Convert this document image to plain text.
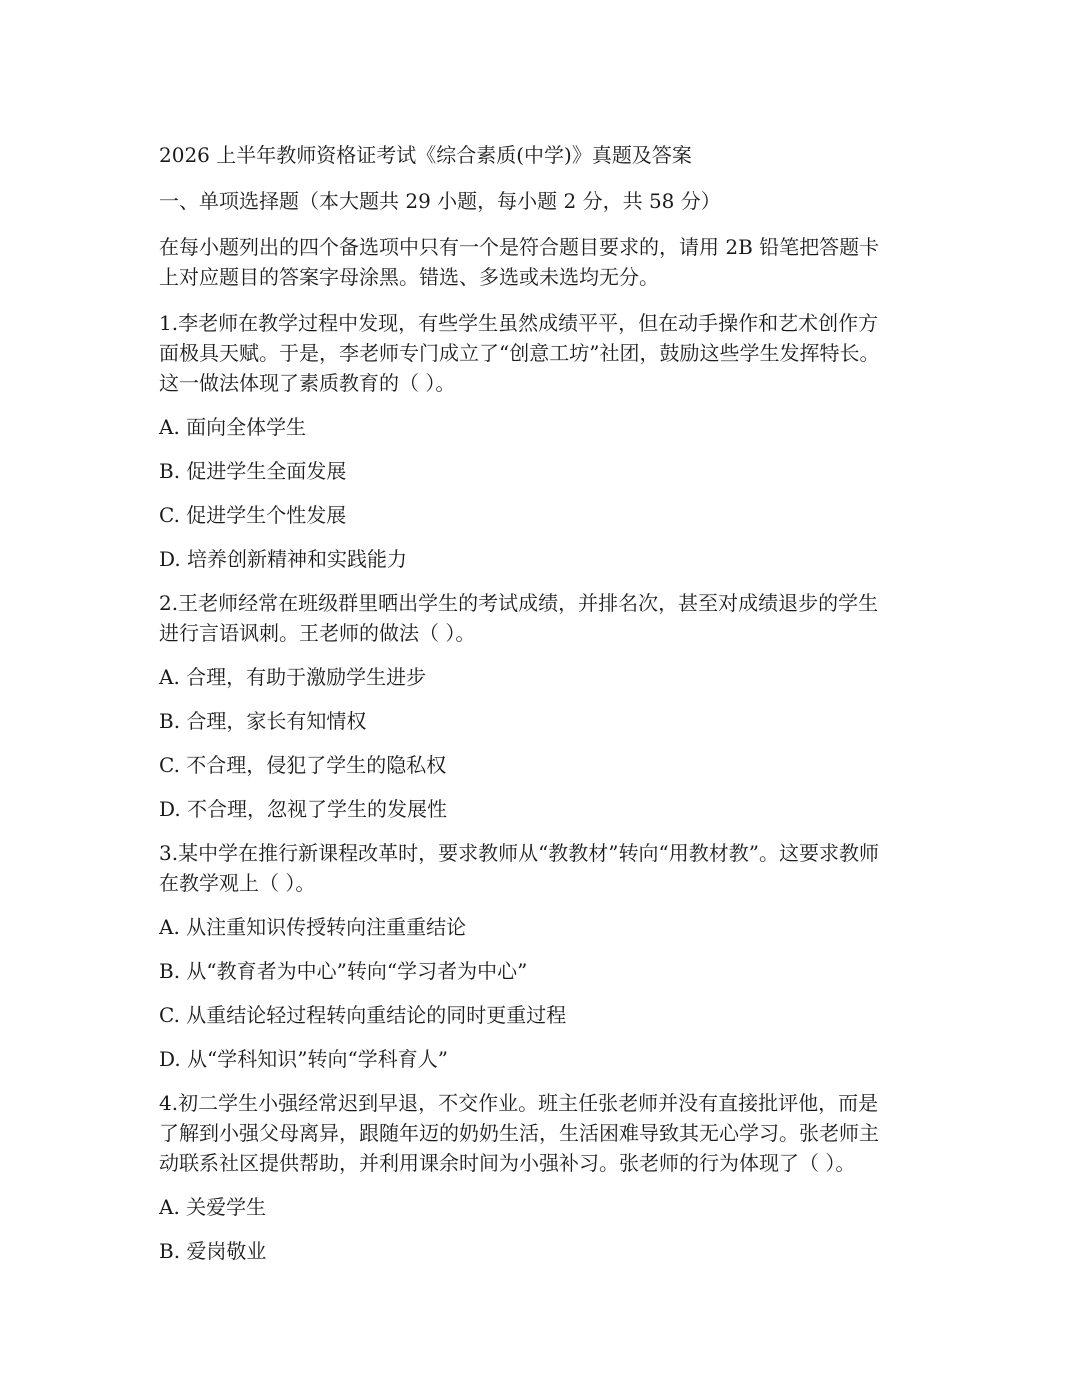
2026 上半年教师资格证考试《综合素质(中学)》真题及答案

一、单项选择题（本大题共 29 小题，每小题 2 分，共 58 分）

在每小题列出的四个备选项中只有一个是符合题目要求的，请用 2B 铅笔把答题卡

上对应题目的答案字母涂黑。错选、多选或未选均无分。

1.李老师在教学过程中发现，有些学生虽然成绩平平，但在动手操作和艺术创作方

面极具天赋。于是，李老师专门成立了“创意工坊”社团，鼓励这些学生发挥特长。

这一做法体现了素质教育的（ ）。

A. 面向全体学生

B. 促进学生全面发展

C. 促进学生个性发展

D. 培养创新精神和实践能力

2.王老师经常在班级群里晒出学生的考试成绩，并排名次，甚至对成绩退步的学生

进行言语讽刺。王老师的做法（ ）。

A. 合理，有助于激励学生进步

B. 合理，家长有知情权

C. 不合理，侵犯了学生的隐私权

D. 不合理，忽视了学生的发展性

3.某中学在推行新课程改革时，要求教师从“教教材”转向“用教材教”。这要求教师

在教学观上（ ）。

A. 从注重知识传授转向注重重结论

B. 从“教育者为中心”转向“学习者为中心”

C. 从重结论轻过程转向重结论的同时更重过程

D. 从“学科知识”转向“学科育人”

4.初二学生小强经常迟到早退，不交作业。班主任张老师并没有直接批评他，而是

了解到小强父母离异，跟随年迈的奶奶生活，生活困难导致其无心学习。张老师主

动联系社区提供帮助，并利用课余时间为小强补习。张老师的行为体现了（ ）。

A. 关爱学生

B. 爱岗敬业
